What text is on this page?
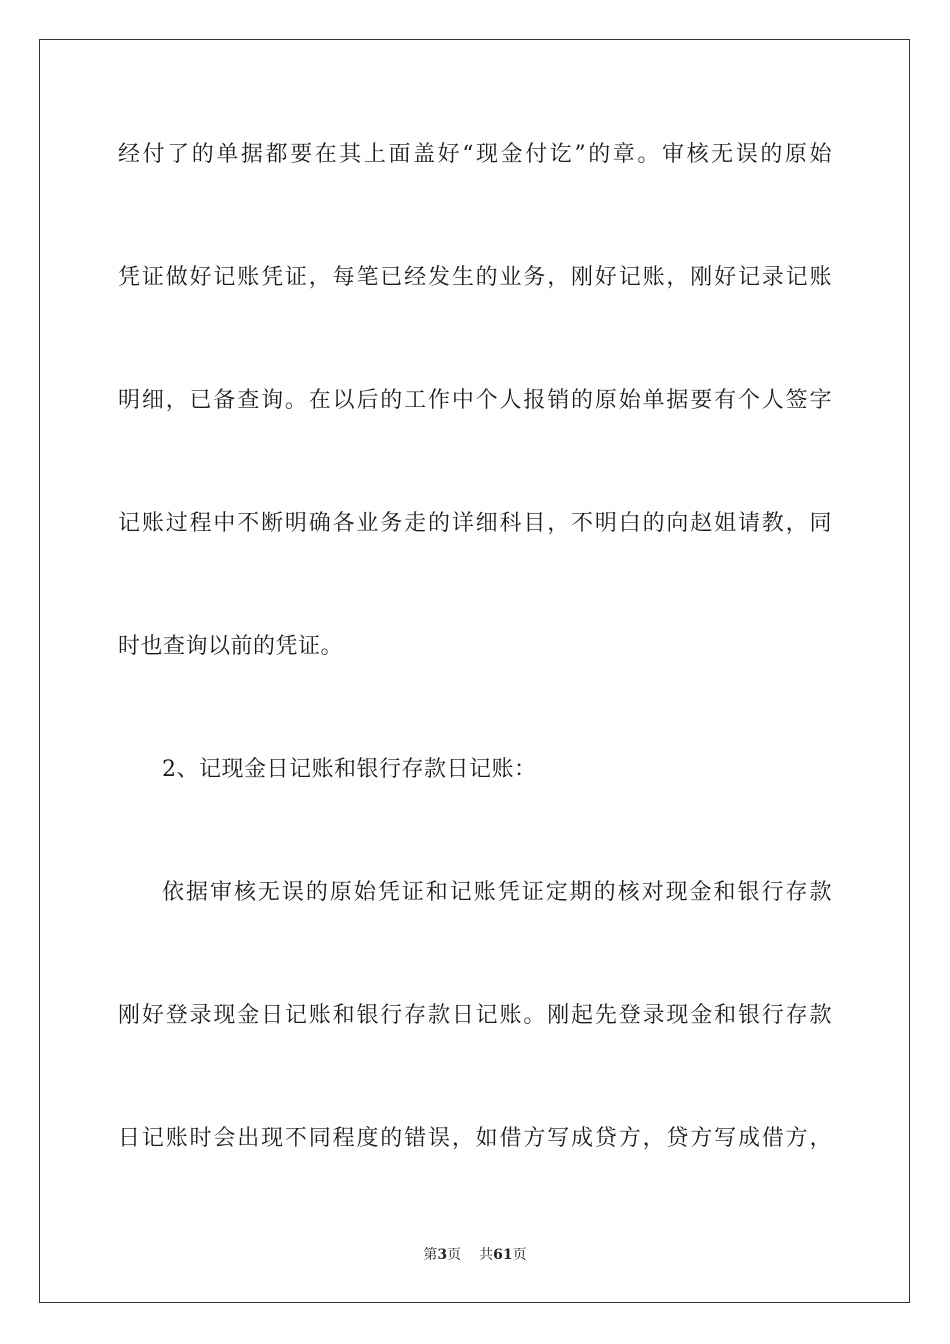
经付了的单据都要在其上面盖好“现金付讫”的章。审核无误的原始
凭证做好记账凭证，每笔已经发生的业务，刚好记账，刚好记录记账
明细，已备查询。在以后的工作中个人报销的原始单据要有个人签字
记账过程中不断明确各业务走的详细科目，不明白的向赵姐请教，同
时也查询以前的凭证。
2、记现金日记账和银行存款日记账：
依据审核无误的原始凭证和记账凭证定期的核对现金和银行存款
刚好登录现金日记账和银行存款日记账。刚起先登录现金和银行存款
日记账时会出现不同程度的错误，如借方写成贷方，贷方写成借方，
第3页 共61页
